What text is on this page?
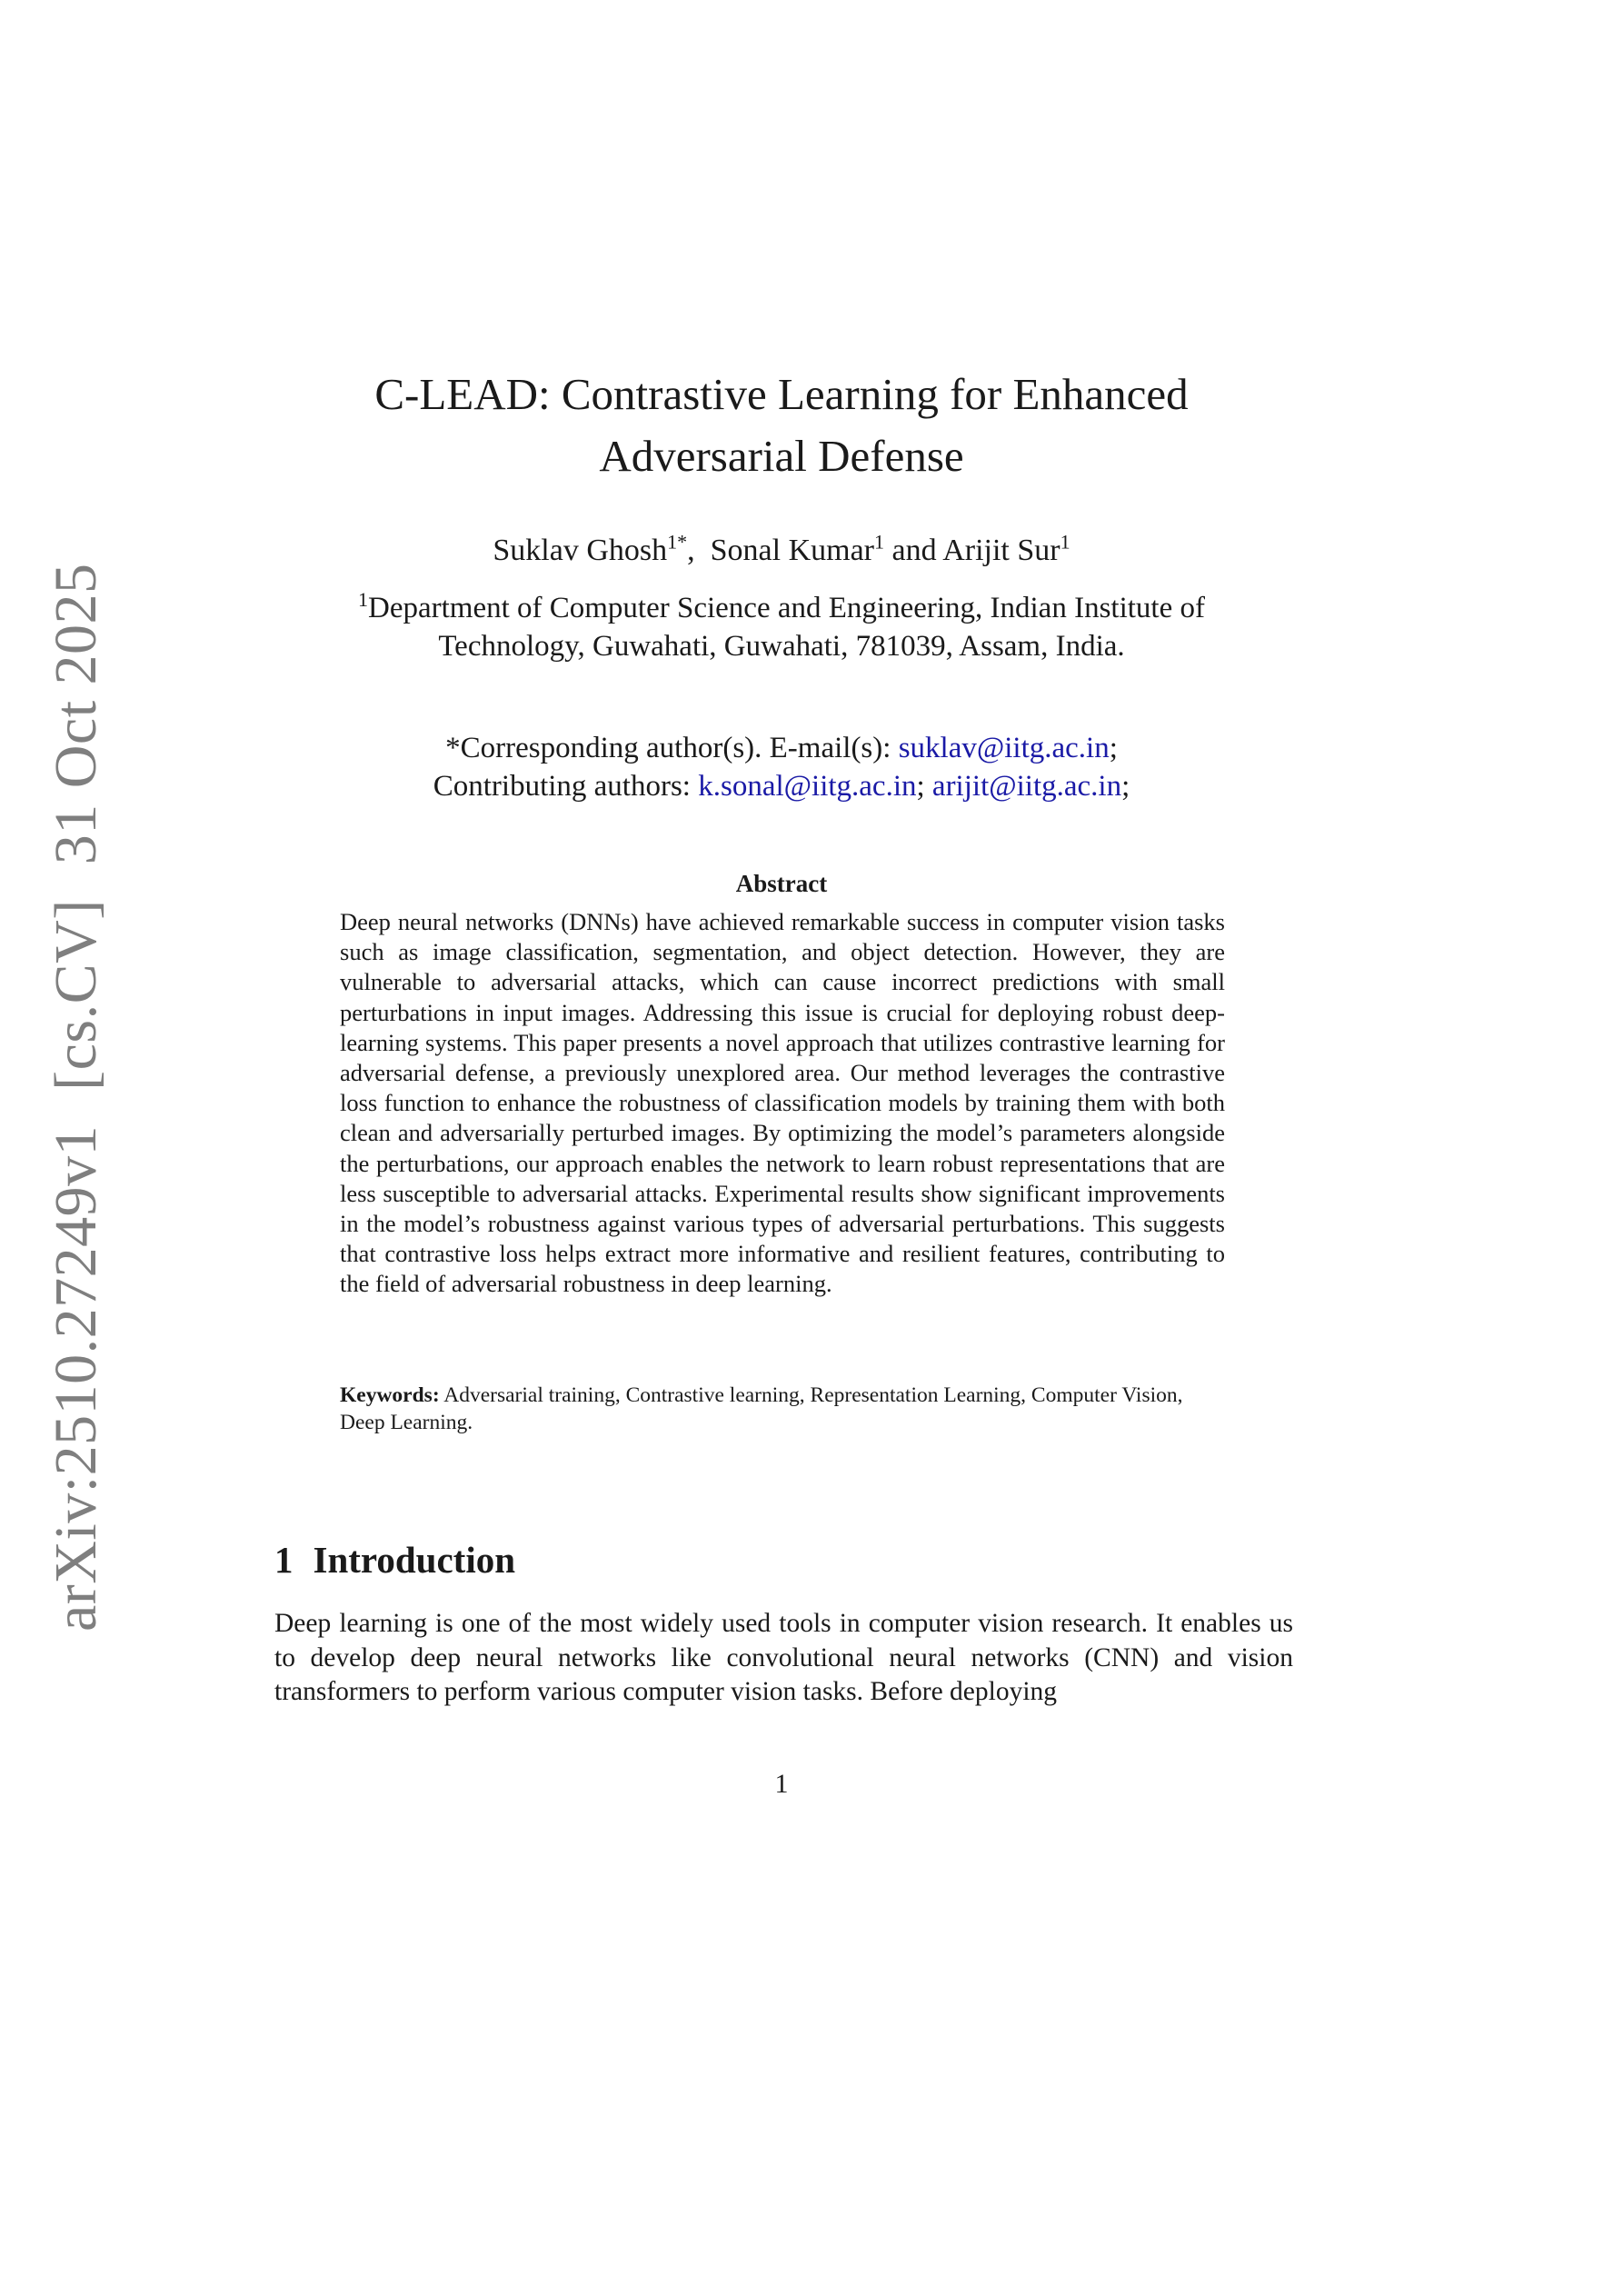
arXiv:2510.27249v1[cs.CV]31 Oct 2025
C-LEAD: Contrastive Learning for Enhanced
Adversarial Defense
Suklav Ghosh$^{1*}$,  Sonal Kumar$^1$ and Arijit Sur$^1$
$^1$Department of Computer Science and Engineering, Indian Institute of
Technology, Guwahati, Guwahati, 781039, Assam, India.
*Corresponding author(s). E-mail(s): suklav@iitg.ac.in;
Contributing authors: k.sonal@iitg.ac.in; arijit@iitg.ac.in;
Abstract

Deep neural networks (DNNs) have achieved remarkable success in computer vision tasks such as image classification, segmentation, and object detection. However, they are vulnerable to adversarial attacks, which can cause incorrect predictions with small perturbations in input images. Addressing this issue is crucial for deploying robust deep-learning systems. This paper presents a novel approach that utilizes contrastive learning for adversarial defense, a previously unexplored area. Our method leverages the contrastive loss function to enhance the robustness of classification models by training them with both clean and adversarially perturbed images. By optimizing the model’s parameters alongside the perturbations, our approach enables the network to learn robust representations that are less susceptible to adversarial attacks. Experimental results show significant improvements in the model’s robustness against various types of adversarial perturbations. This suggests that contrastive loss helps extract more informative and resilient features, contributing to the field of adversarial robustness in deep learning.

Keywords: Adversarial training, Contrastive learning, Representation Learning, Computer Vision, Deep Learning.

1 Introduction

Deep learning is one of the most widely used tools in computer vision research. It enables us to develop deep neural networks like convolutional neural networks (CNN) and vision transformers to perform various computer vision tasks. Before deploying

1
